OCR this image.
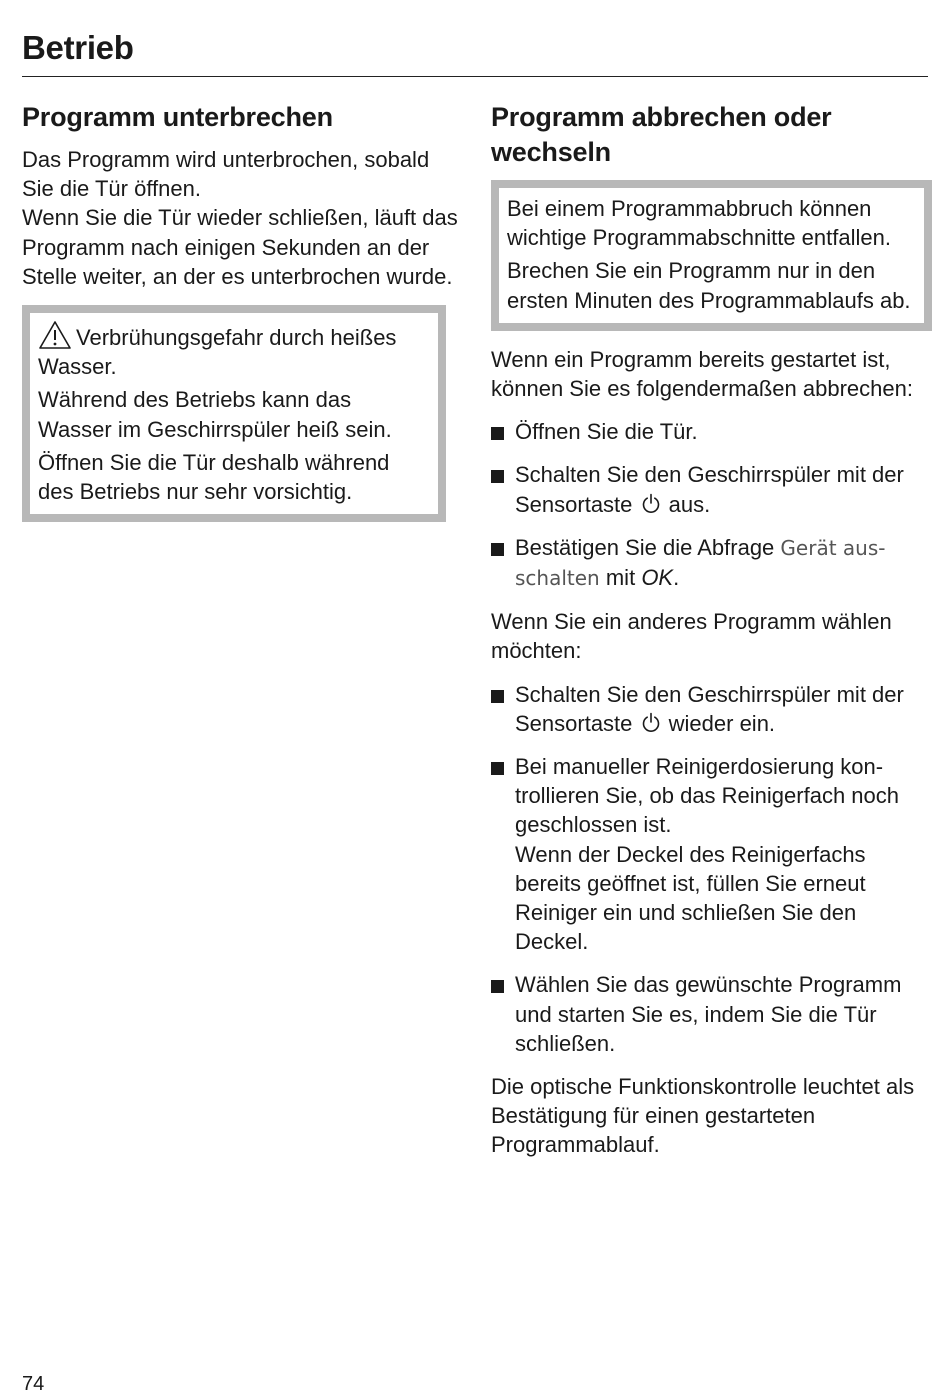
Betrieb
Programm unterbrechen

Das Programm wird unterbrochen, sobald Sie die Tür öffnen.

Wenn Sie die Tür wieder schließen, läuft das Programm nach einigen Sekunden an der Stelle weiter, an der es unterbrochen wurde.

Verbrühungsgefahr durch heißes Wasser.

Während des Betriebs kann das Wasser im Geschirrspüler heiß sein.

Öffnen Sie die Tür deshalb während des Betriebs nur sehr vorsichtig.

Programm abbrechen oder wechseln

Bei einem Programmabbruch können wichtige Programmabschnitte entfallen.

Brechen Sie ein Programm nur in den ersten Minuten des Programmablaufs ab.

Wenn ein Programm bereits gestartet ist, können Sie es folgendermaßen abbrechen:

Öffnen Sie die Tür.
Schalten Sie den Geschirrspüler mit der Sensortaste aus.
Bestätigen Sie die Abfrage Gerät ausschalten mit OK.

Wenn Sie ein anderes Programm wählen möchten:

Schalten Sie den Geschirrspüler mit der Sensortaste wieder ein.
Bei manueller Reinigerdosierung kontrollieren Sie, ob das Reinigerfach noch geschlossen ist.
Wenn der Deckel des Reinigerfachs bereits geöffnet ist, füllen Sie erneut Reiniger ein und schließen Sie den Deckel.
Wählen Sie das gewünschte Programm und starten Sie es, indem Sie die Tür schließen.

Die optische Funktionskontrolle leuchtet als Bestätigung für einen gestarteten Programmablauf.

74
